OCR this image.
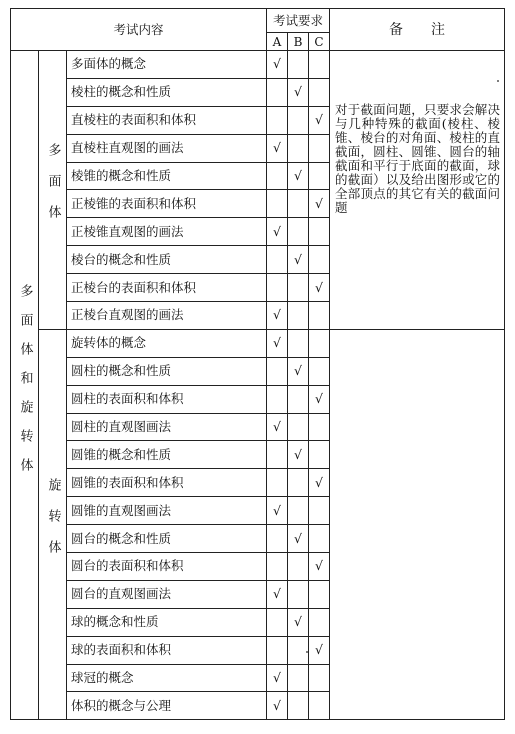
考试内容			考试要求			备　　注
			A	B	C	
多面体和旋转体	多面体	多面体的概念	√			对于截面问题，只要求会解决与几种特殊的截面(棱柱、棱锥、棱台的对角面、棱柱的直截面，圆柱、圆锥、圆台的轴截面和平行于底面的截面，球的截面）以及给出图形或它的全部顶点的其它有关的截面问题

		棱柱的概念和性质		√		
		直棱柱的表面积和体积			√	
		直棱柱直观图的画法	√			
		棱锥的概念和性质		√		
		正棱锥的表面积和体积			√	
		正棱锥直观图的画法	√			
		棱台的概念和性质		√		
		正棱台的表面积和体积			√	
		正棱台直观图的画法	√			
	旋转体	旋转体的概念	√			
		圆柱的概念和性质		√		
		圆柱的表面积和体积			√	
		圆柱的直观图画法	√			
		圆锥的概念和性质		√		
		圆锥的表面积和体积			√	
		圆锥的直观图画法	√			
		圆台的概念和性质		√		
		圆台的表面积和体积			√	
		圆台的直观图画法	√			
		球的概念和性质		√		
		球的表面积和体积			√	
		球冠的概念	√			
		体积的概念与公理	√			
